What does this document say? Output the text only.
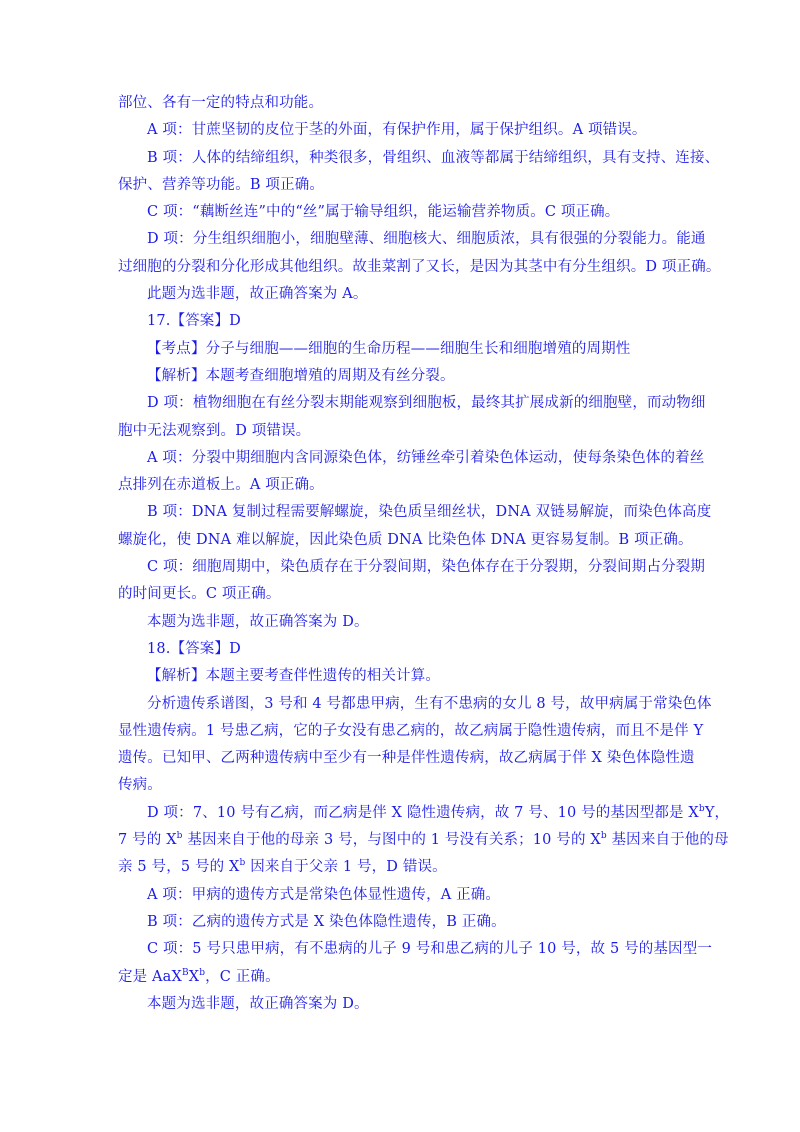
部位、各有一定的特点和功能。
A 项：甘蔗坚韧的皮位于茎的外面，有保护作用，属于保护组织。A 项错误。
B 项：人体的结缔组织，种类很多，骨组织、血液等都属于结缔组织，具有支持、连接、
保护、营养等功能。B 项正确。
C 项：“藕断丝连”中的“丝”属于输导组织，能运输营养物质。C 项正确。
D 项：分生组织细胞小，细胞壁薄、细胞核大、细胞质浓，具有很强的分裂能力。能通
过细胞的分裂和分化形成其他组织。故韭菜割了又长，是因为其茎中有分生组织。D 项正确。
此题为选非题，故正确答案为 A。
17.【答案】D
【考点】分子与细胞——细胞的生命历程——细胞生长和细胞增殖的周期性
【解析】本题考查细胞增殖的周期及有丝分裂。
D 项：植物细胞在有丝分裂末期能观察到细胞板，最终其扩展成新的细胞壁，而动物细
胞中无法观察到。D 项错误。
A 项：分裂中期细胞内含同源染色体，纺锤丝牵引着染色体运动，使每条染色体的着丝
点排列在赤道板上。A 项正确。
B 项：DNA 复制过程需要解螺旋，染色质呈细丝状，DNA 双链易解旋，而染色体高度
螺旋化，使 DNA 难以解旋，因此染色质 DNA 比染色体 DNA 更容易复制。B 项正确。
C 项：细胞周期中，染色质存在于分裂间期，染色体存在于分裂期，分裂间期占分裂期
的时间更长。C 项正确。
本题为选非题，故正确答案为 D。
18.【答案】D
【解析】本题主要考查伴性遗传的相关计算。
分析遗传系谱图，3 号和 4 号都患甲病，生有不患病的女儿 8 号，故甲病属于常染色体
显性遗传病。1 号患乙病，它的子女没有患乙病的，故乙病属于隐性遗传病，而且不是伴 Y
遗传。已知甲、乙两种遗传病中至少有一种是伴性遗传病，故乙病属于伴 X 染色体隐性遗
传病。
D 项：7、10 号有乙病，而乙病是伴 X 隐性遗传病，故 7 号、10 号的基因型都是 $X^bY$，
7 号的 $X^b$ 基因来自于他的母亲 3 号，与图中的 1 号没有关系；10 号的 $X^b$ 基因来自于他的母
亲 5 号，5 号的 $X^b$ 因来自于父亲 1 号，D 错误。
A 项：甲病的遗传方式是常染色体显性遗传，A 正确。
B 项：乙病的遗传方式是 X 染色体隐性遗传，B 正确。
C 项：5 号只患甲病，有不患病的儿子 9 号和患乙病的儿子 10 号，故 5 号的基因型一
定是 $AaX^BX^b$，C 正确。
本题为选非题，故正确答案为 D。
